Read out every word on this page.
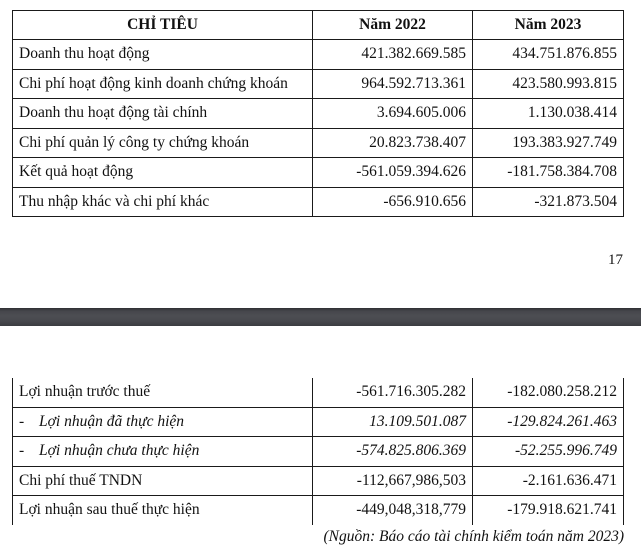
CHỈ TIÊU	Năm 2022	Năm 2023
Doanh thu hoạt động	421.382.669.585	434.751.876.855
Chi phí hoạt động kinh doanh chứng khoán	964.592.713.361	423.580.993.815
Doanh thu hoạt động tài chính	3.694.605.006	1.130.038.414
Chi phí quản lý công ty chứng khoán	20.823.738.407	193.383.927.749
Kết quả hoạt động	-561.059.394.626	-181.758.384.708
Thu nhập khác và chi phí khác	-656.910.656	-321.873.504
17
Lợi nhuận trước thuế	-561.716.305.282	-182.080.258.212
- Lợi nhuận đã thực hiện	13.109.501.087	-129.824.261.463
- Lợi nhuận chưa thực hiện	-574.825.806.369	-52.255.996.749
Chi phí thuế TNDN	-112,667,986,503	-2.161.636.471
Lợi nhuận sau thuế thực hiện	-449,048,318,779	-179.918.621.741
(Nguồn: Báo cáo tài chính kiểm toán năm 2023)
